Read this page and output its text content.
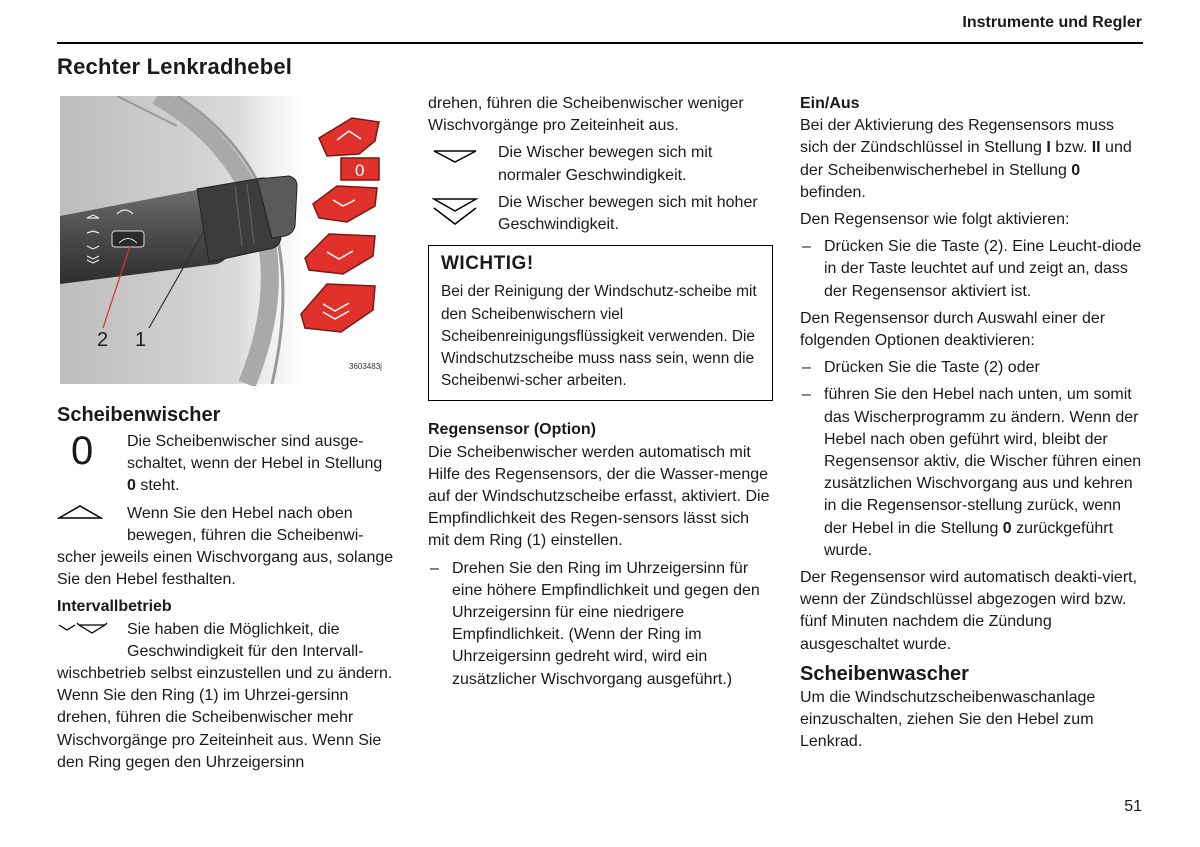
Instrumente und Regler
Rechter Lenkradhebel
2 1
0
3603483j
Scheibenwischer
0 Die Scheibenwischer sind ausge-
schaltet, wenn der Hebel in Stellung
0 steht.

Wenn Sie den Hebel nach oben bewegen, führen die Scheibenwi-scher jeweils einen Wischvorgang aus, solange Sie den Hebel festhalten.

Intervallbetrieb

Sie haben die Möglichkeit, die Geschwindigkeit für den Intervall-wischbetrieb selbst einzustellen und zu ändern. Wenn Sie den Ring (1) im Uhrzei-gersinn drehen, führen die Scheibenwischer mehr Wischvorgänge pro Zeiteinheit aus. Wenn Sie den Ring gegen den Uhrzeigersinn

drehen, führen die Scheibenwischer weniger Wischvorgänge pro Zeiteinheit aus.

Die Wischer bewegen sich mit normaler Geschwindigkeit.

Die Wischer bewegen sich mit hoher Geschwindigkeit.

WICHTIG!

Bei der Reinigung der Windschutz-scheibe mit den Scheibenwischern viel Scheibenreinigungsflüssigkeit verwenden. Die Windschutzscheibe muss nass sein, wenn die Scheibenwi-scher arbeiten.

Regensensor (Option)

Die Scheibenwischer werden automatisch mit Hilfe des Regensensors, der die Wasser-menge auf der Windschutzscheibe erfasst, aktiviert. Die Empfindlichkeit des Regen-sensors lässt sich mit dem Ring (1) einstellen.

– Drehen Sie den Ring im Uhrzeigersinn für eine höhere Empfindlichkeit und gegen den Uhrzeigersinn für eine niedrigere Empfindlichkeit. (Wenn der Ring im Uhrzeigersinn gedreht wird, wird ein zusätzlicher Wischvorgang ausgeführt.)

Ein/Aus

Bei der Aktivierung des Regensensors muss sich der Zündschlüssel in Stellung I bzw. II und der Scheibenwischerhebel in Stellung 0 befinden.

Den Regensensor wie folgt aktivieren:

– Drücken Sie die Taste (2). Eine Leucht-diode in der Taste leuchtet auf und zeigt an, dass der Regensensor aktiviert ist.

Den Regensensor durch Auswahl einer der folgenden Optionen deaktivieren:

– Drücken Sie die Taste (2) oder

– führen Sie den Hebel nach unten, um somit das Wischerprogramm zu ändern. Wenn der Hebel nach oben geführt wird, bleibt der Regensensor aktiv, die Wischer führen einen zusätzlichen Wischvorgang aus und kehren in die Regensensor-stellung zurück, wenn der Hebel in die Stellung 0 zurückgeführt wurde.

Der Regensensor wird automatisch deakti-viert, wenn der Zündschlüssel abgezogen wird bzw. fünf Minuten nachdem die Zündung ausgeschaltet wurde.

Scheibenwascher

Um die Windschutzscheibenwaschanlage einzuschalten, ziehen Sie den Hebel zum Lenkrad.

51
